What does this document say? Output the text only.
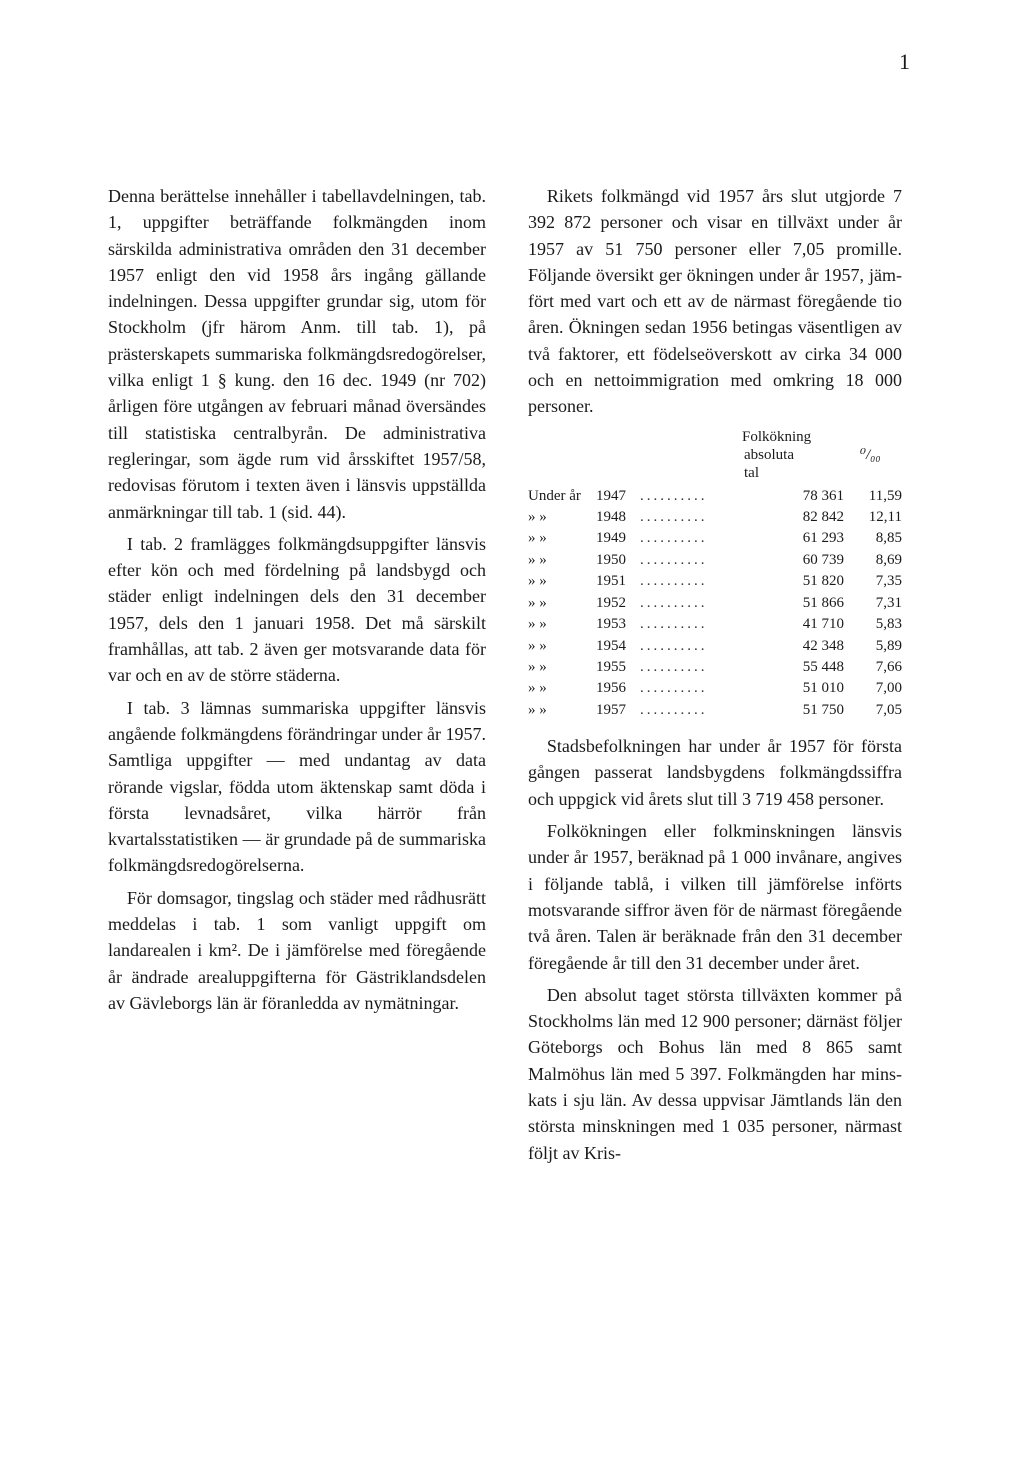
1

Denna berättelse innehåller i tabellavdelningen, tab. 1, uppgifter beträffande folkmängden inom särskilda administrativa områden den 31 december 1957 enligt den vid 1958 års ingång gällande indelningen. Dessa uppgifter grundar sig, utom för Stockholm (jfr härom Anm. till tab. 1), på prästerskapets summariska folkmängdsredogörelser, vilka enligt 1 § kung. den 16 dec. 1949 (nr 702) årligen före utgången av februari månad översändes till statistiska centralbyrån. De administrativa regleringar, som ägde rum vid årsskiftet 1957/58, redovisas förutom i texten även i länsvis uppställda anmärkningar till tab. 1 (sid. 44).

I tab. 2 framlägges folkmängdsuppgifter länsvis efter kön och med fördelning på landsbygd och städer enligt indelningen dels den 31 december 1957, dels den 1 januari 1958. Det må särskilt framhållas, att tab. 2 även ger motsvarande data för var och en av de större städerna.

I tab. 3 lämnas summariska uppgifter länsvis angående folkmängdens förändringar under år 1957. Samtliga uppgifter — med undantag av data rörande vigslar, födda utom äktenskap samt döda i första levnadsåret, vilka härrör från kvartalsstatistiken — är grundade på de summariska folkmängdsredogörelserna.

För domsagor, tingslag och städer med rådhusrätt meddelas i tab. 1 som vanligt uppgift om landarealen i km². De i jämförelse med föregående år ändrade arealuppgifterna för Gästriklandsdelen av Gävleborgs län är föranledda av nymätningar.

Rikets folkmängd vid 1957 års slut utgjorde 7 392 872 personer och visar en tillväxt under år 1957 av 51 750 personer eller 7,05 promille. Följande översikt ger ökningen under år 1957, jämfört med vart och ett av de närmast föregående tio åren. Ökningen sedan 1956 betingas väsentligen av två faktorer, ett födelseöverskott av cirka 34 000 och en nettoimmigration med omkring 18 000 personer.

Folkökning
absoluta
tal
⁰/₀₀
Under år	1947 ..........	78 361	11,59
» »	1948 ..........	82 842	12,11
» »	1949 ..........	61 293	8,85
» »	1950 ..........	60 739	8,69
» »	1951 ..........	51 820	7,35
» »	1952 ..........	51 866	7,31
» »	1953 ..........	41 710	5,83
» »	1954 ..........	42 348	5,89
» »	1955 ..........	55 448	7,66
» »	1956 ..........	51 010	7,00
» »	1957 ..........	51 750	7,05

Stadsbefolkningen har under år 1957 för första gången passerat landsbygdens folkmängdssiffra och uppgick vid årets slut till 3 719 458 personer.

Folkökningen eller folkminskningen länsvis under år 1957, beräknad på 1 000 invånare, angives i följande tablå, i vilken till jämförelse införts motsvarande siffror även för de närmast föregående två åren. Talen är beräknade från den 31 december föregående år till den 31 december under året.

Den absolut taget största tillväxten kommer på Stockholms län med 12 900 personer; därnäst följer Göteborgs och Bohus län med 8 865 samt Malmöhus län med 5 397. Folkmängden har minskats i sju län. Av dessa uppvisar Jämtlands län den största minskningen med 1 035 personer, närmast följt av Kris-
